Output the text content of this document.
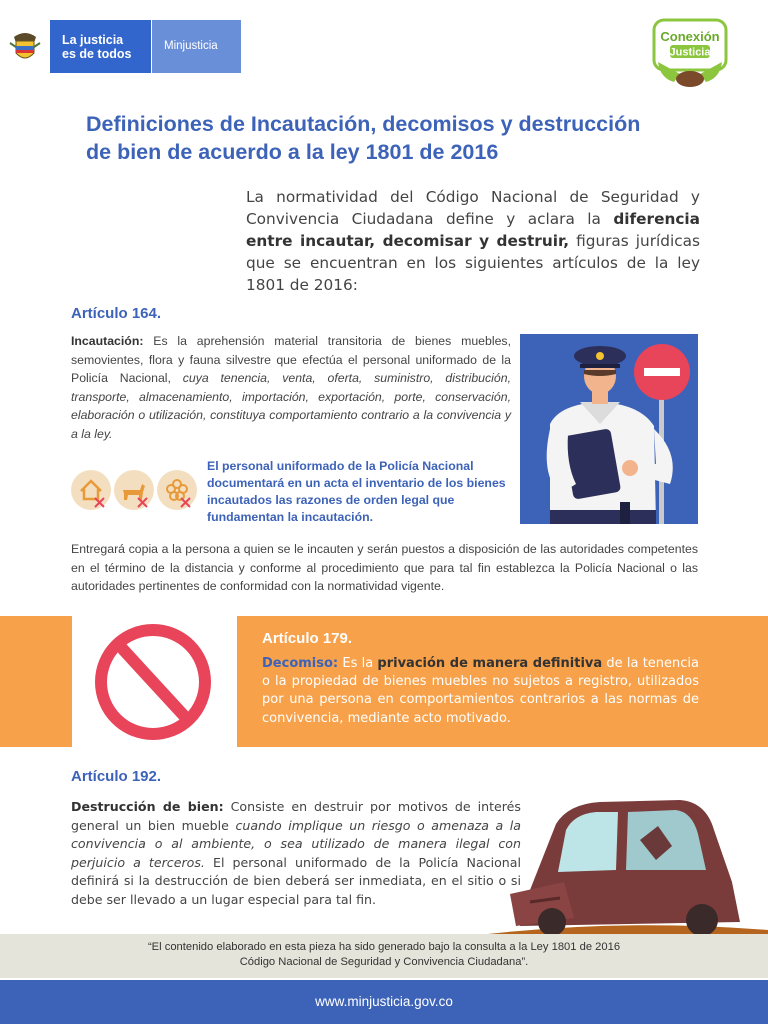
La justicia
es de todos
Minjusticia
Conexión
Justicia
Definiciones de Incautación, decomisos y destrucción
de bien de acuerdo a la ley 1801 de 2016
La normatividad del Código Nacional de Seguridad y Convivencia Ciudadana define y aclara la diferencia entre incautar, decomisar y destruir, figuras jurídicas que se encuentran en los siguientes artículos de la ley 1801 de 2016:
Artículo 164.
Incautación: Es la aprehensión material transitoria de bienes muebles, semovientes, flora y fauna silvestre que efectúa el personal uniformado de la Policía Nacional, cuya tenencia, venta, oferta, suministro, distribución, transporte, almacenamiento, importación, exportación, porte, conservación, elaboración o utilización, constituya comportamiento contrario a la convivencia y a la ley.
El personal uniformado de la Policía Nacional documentará en un acta el inventario de los bienes incautados las razones de orden legal que fundamentan la incautación.
Entregará copia a la persona a quien se le incauten y serán puestos a disposición de las autoridades competentes en el término de la distancia y conforme al procedimiento que para tal fin establezca la Policía Nacional o las autoridades pertinentes de conformidad con la normatividad vigente.
Artículo 179.
Decomiso: Es la privación de manera definitiva de la tenencia o la propiedad de bienes muebles no sujetos a registro, utilizados por una persona en comportamientos contrarios a las normas de convivencia, mediante acto motivado.
Artículo 192.
Destrucción de bien: Consiste en destruir por motivos de interés general un bien mueble cuando implique un riesgo o amenaza a la convivencia o al ambiente, o sea utilizado de manera ilegal con perjuicio a terceros. El personal uniformado de la Policía Nacional definirá si la destrucción de bien deberá ser inmediata, en el sitio o si debe ser llevado a un lugar especial para tal fin.
“El contenido elaborado en esta pieza ha sido generado bajo la consulta a la Ley 1801 de 2016
Código Nacional de Seguridad y Convivencia Ciudadana”.
www.minjusticia.gov.co
